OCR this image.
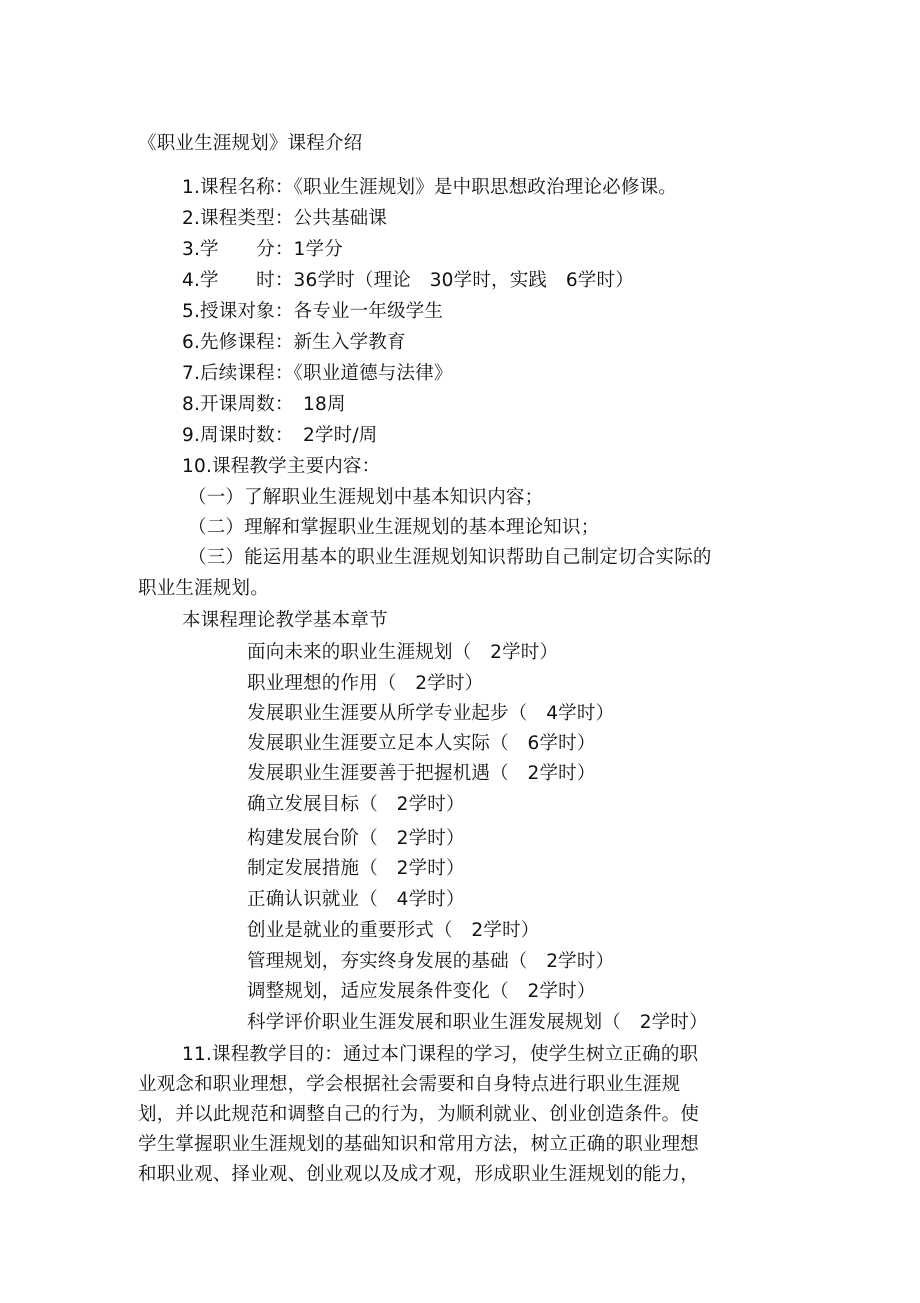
《职业生涯规划》课程介绍
1.课程名称：《职业生涯规划》是中职思想政治理论必修课。
2.课程类型：公共基础课
3.学　　分：1学分
4.学　　时：36学时（理论　30学时，实践　6学时）
5.授课对象：各专业一年级学生
6.先修课程：新生入学教育
7.后续课程：《职业道德与法律》
8.开课周数：　18周
9.周课时数：　2学时/周
10.课程教学主要内容：
（一）了解职业生涯规划中基本知识内容；
（二）理解和掌握职业生涯规划的基本理论知识；
（三）能运用基本的职业生涯规划知识帮助自己制定切合实际的
职业生涯规划。
本课程理论教学基本章节
面向未来的职业生涯规划（　2学时）
职业理想的作用（　2学时）
发展职业生涯要从所学专业起步（　4学时）
发展职业生涯要立足本人实际（　6学时）
发展职业生涯要善于把握机遇（　2学时）
确立发展目标（　2学时）
构建发展台阶（　2学时）
制定发展措施（　2学时）
正确认识就业（　4学时）
创业是就业的重要形式（　2学时）
管理规划，夯实终身发展的基础（　2学时）
调整规划，适应发展条件变化（　2学时）
科学评价职业生涯发展和职业生涯发展规划（　2学时）
11.课程教学目的：通过本门课程的学习，使学生树立正确的职
业观念和职业理想，学会根据社会需要和自身特点进行职业生涯规
划，并以此规范和调整自己的行为，为顺利就业、创业创造条件。使
学生掌握职业生涯规划的基础知识和常用方法，树立正确的职业理想
和职业观、择业观、创业观以及成才观，形成职业生涯规划的能力，
